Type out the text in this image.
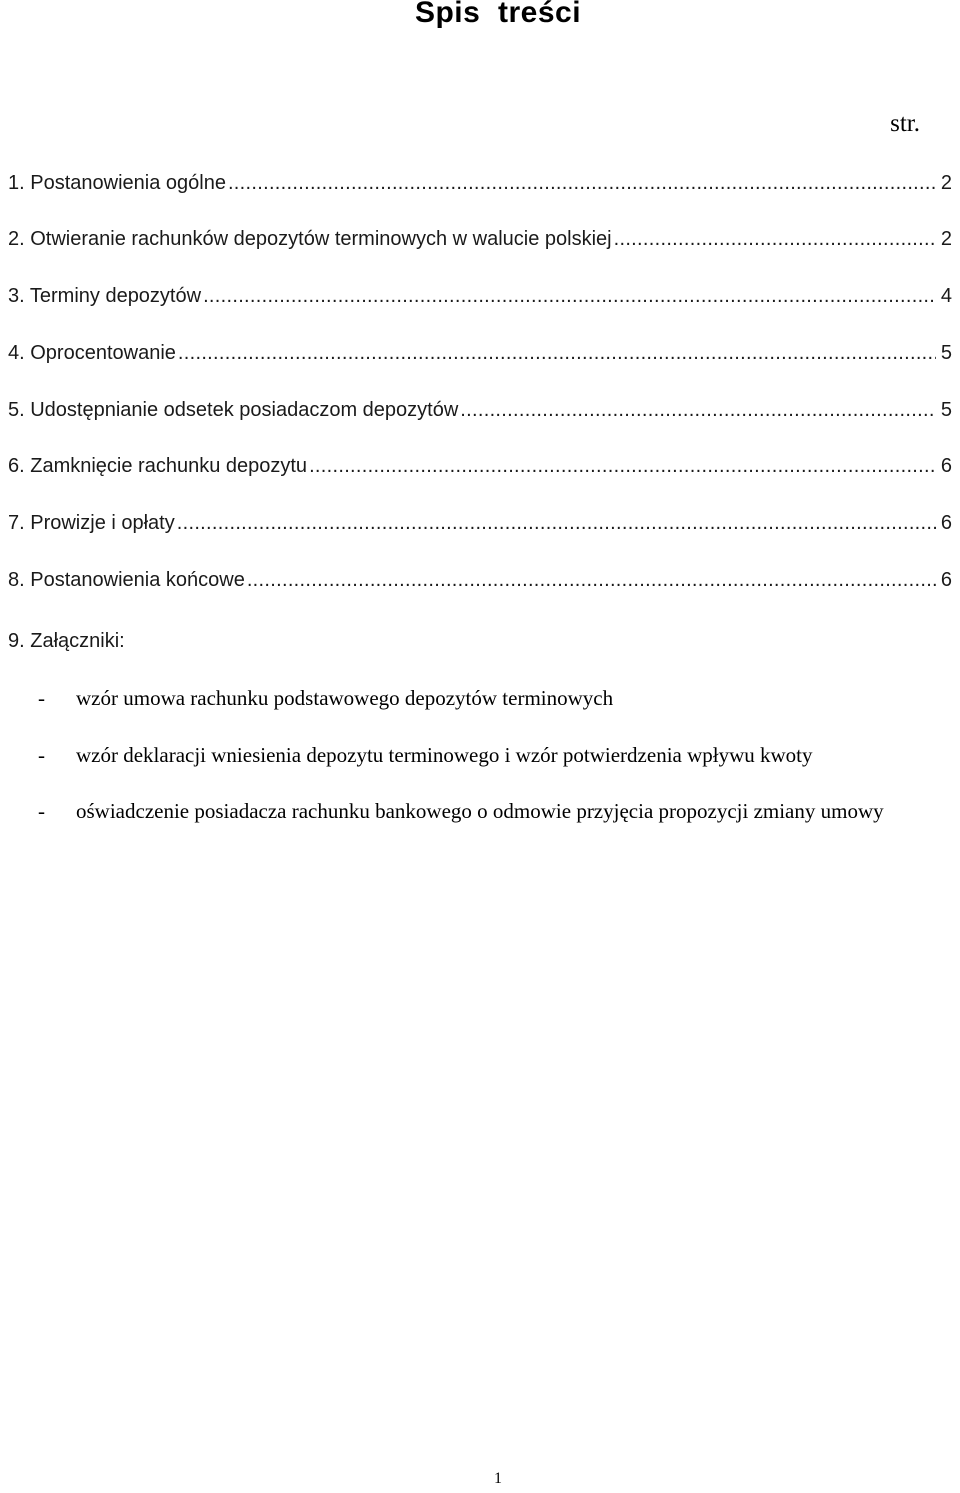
Spis  treści
str.
1. Postanowienia ogólne .....	2
2. Otwieranie rachunków depozytów terminowych w walucie polskiej .....	2
3. Terminy depozytów .....	4
4. Oprocentowanie .....	5
5. Udostępnianie odsetek posiadaczom depozytów .....	5
6. Zamknięcie rachunku depozytu .....	6
7. Prowizje i opłaty .....	6
8. Postanowienia końcowe .....	6
9. Załączniki:
-	wzór umowa rachunku podstawowego depozytów terminowych
-	wzór deklaracji wniesienia depozytu terminowego i wzór potwierdzenia wpływu kwoty
-	oświadczenie posiadacza rachunku bankowego o odmowie przyjęcia propozycji zmiany umowy
1
